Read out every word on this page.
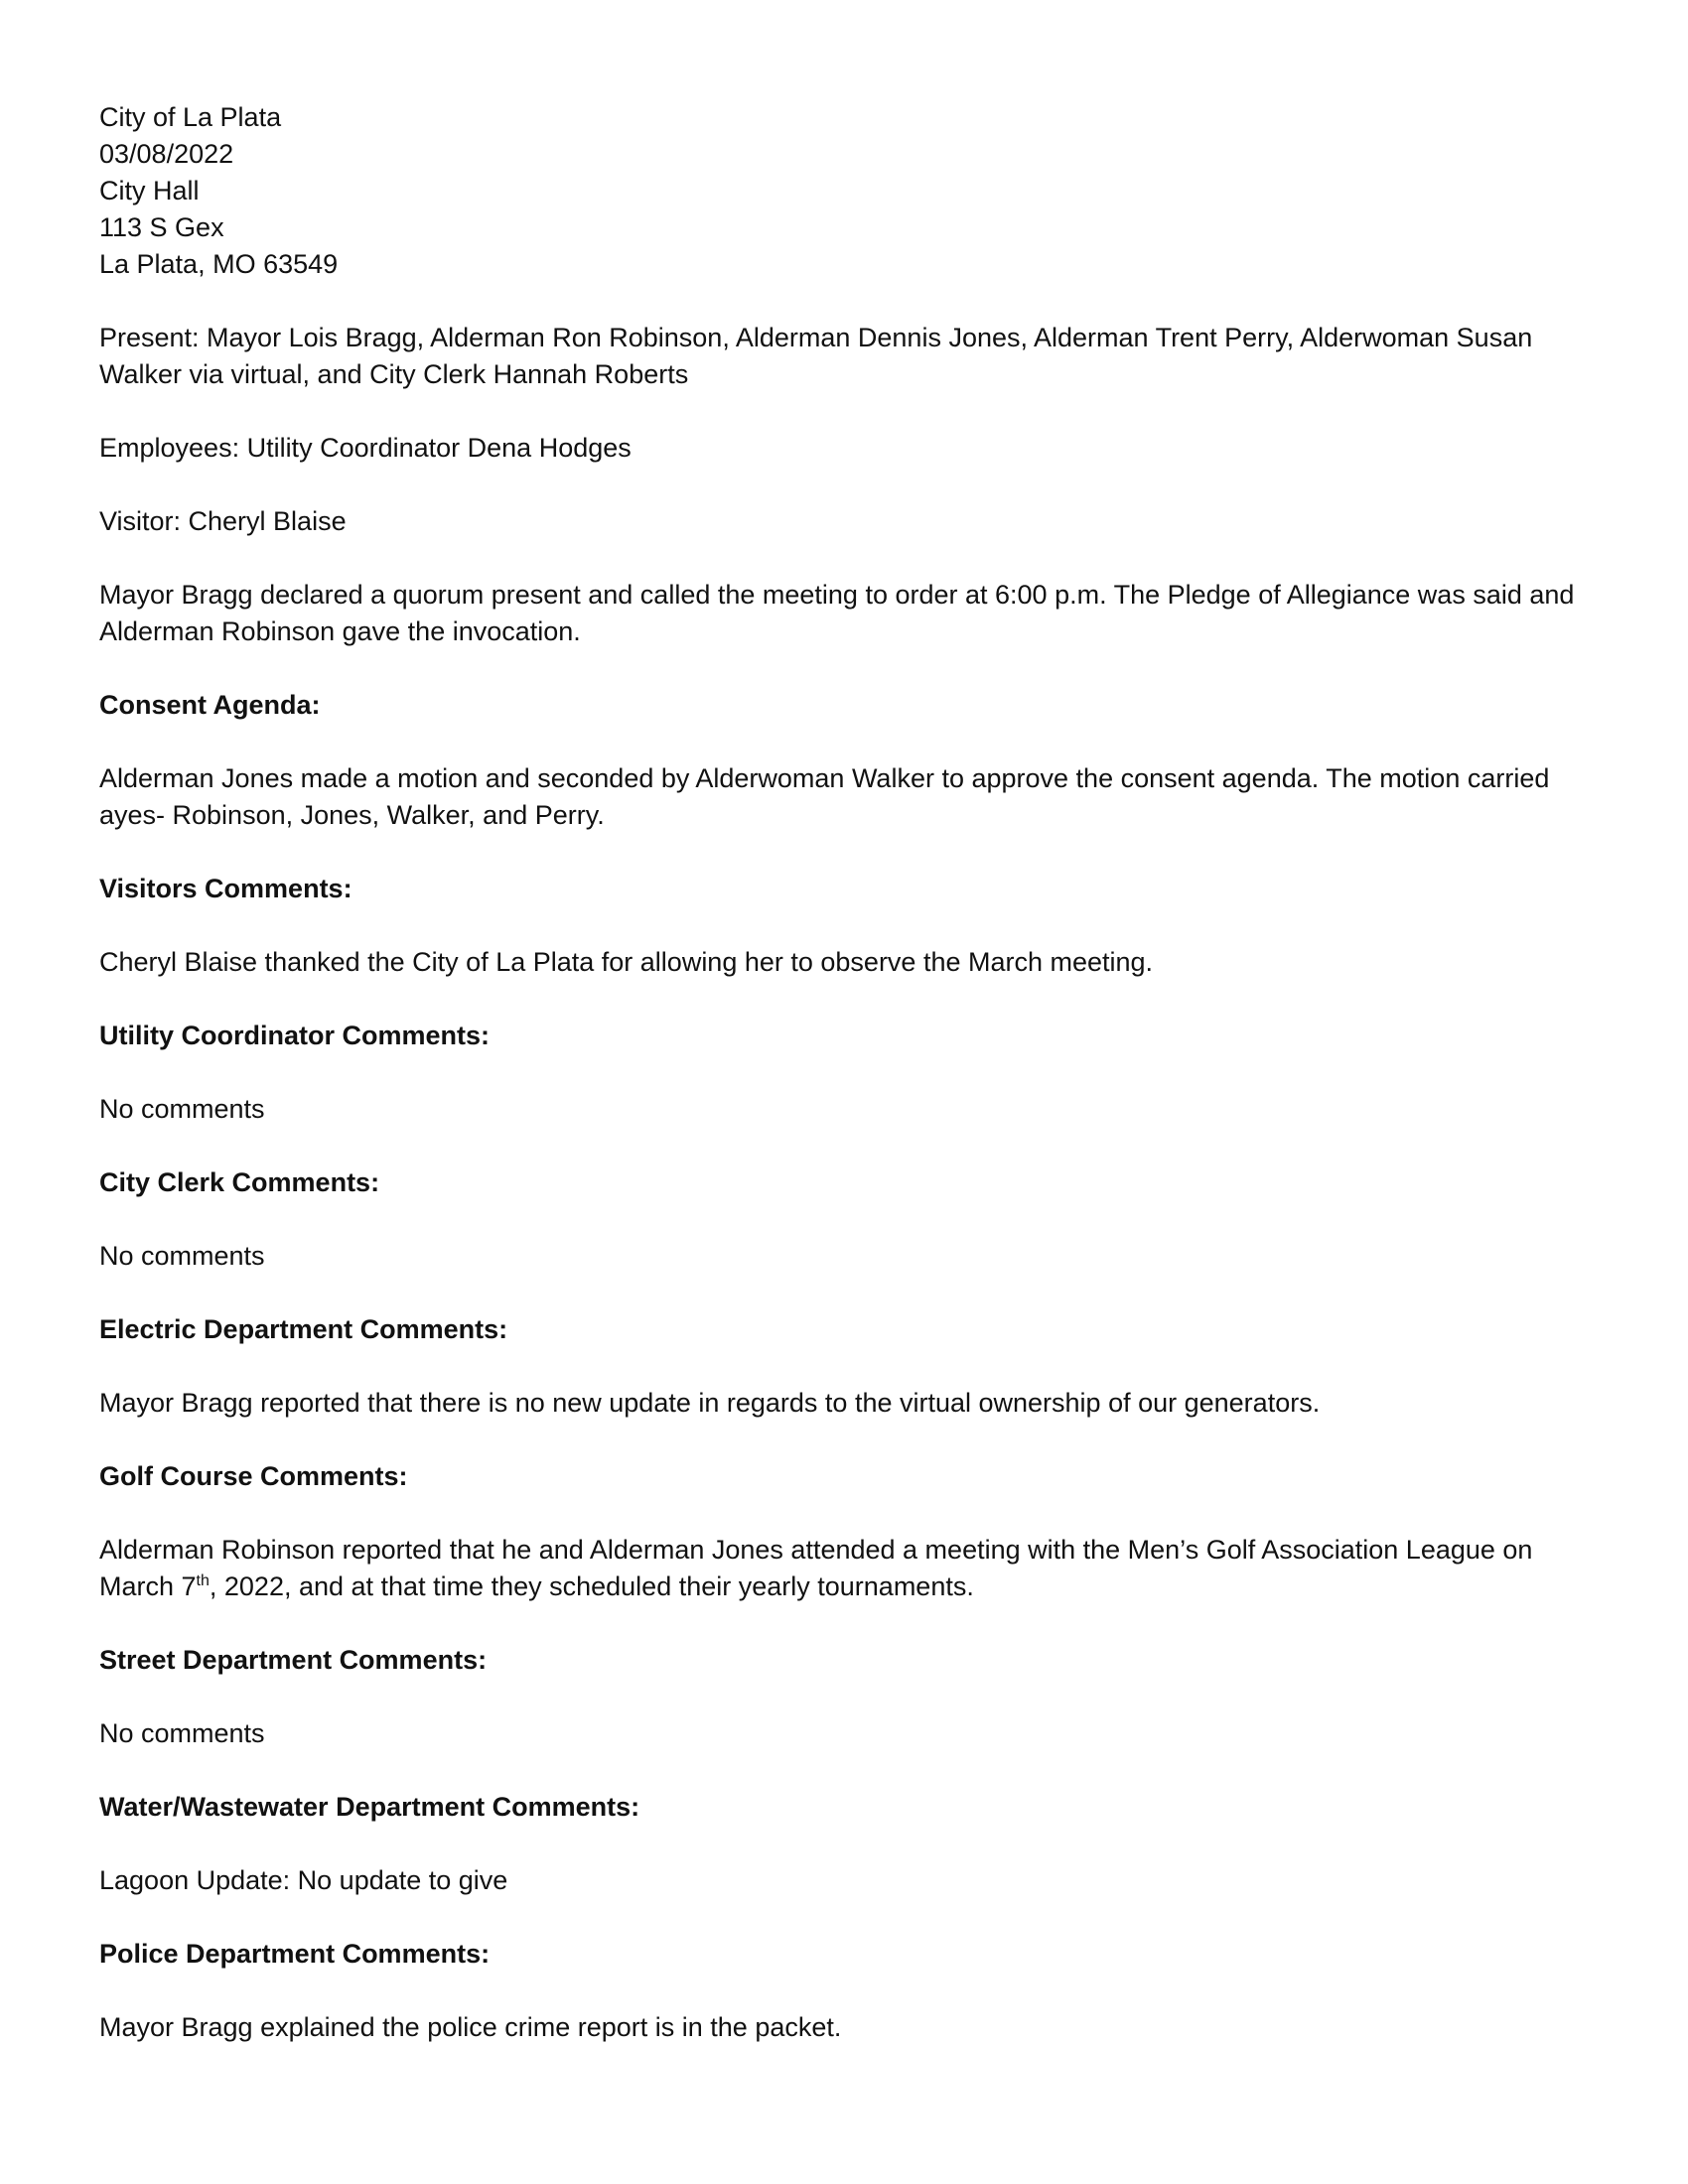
City of La Plata

03/08/2022

City Hall

113 S Gex

La Plata, MO 63549

Present: Mayor Lois Bragg, Alderman Ron Robinson, Alderman Dennis Jones, Alderman Trent Perry, Alderwoman Susan Walker via virtual, and City Clerk Hannah Roberts

Employees: Utility Coordinator Dena Hodges

Visitor: Cheryl Blaise

Mayor Bragg declared a quorum present and called the meeting to order at 6:00 p.m. The Pledge of Allegiance was said and Alderman Robinson gave the invocation.

Consent Agenda:

Alderman Jones made a motion and seconded by Alderwoman Walker to approve the consent agenda. The motion carried ayes- Robinson, Jones, Walker, and Perry.

Visitors Comments:

Cheryl Blaise thanked the City of La Plata for allowing her to observe the March meeting.

Utility Coordinator Comments:

No comments

City Clerk Comments:

No comments

Electric Department Comments:

Mayor Bragg reported that there is no new update in regards to the virtual ownership of our generators.

Golf Course Comments:

Alderman Robinson reported that he and Alderman Jones attended a meeting with the Men’s Golf Association League on March 7th, 2022, and at that time they scheduled their yearly tournaments.

Street Department Comments:

No comments

Water/Wastewater Department Comments:

Lagoon Update: No update to give

Police Department Comments:

Mayor Bragg explained the police crime report is in the packet.
